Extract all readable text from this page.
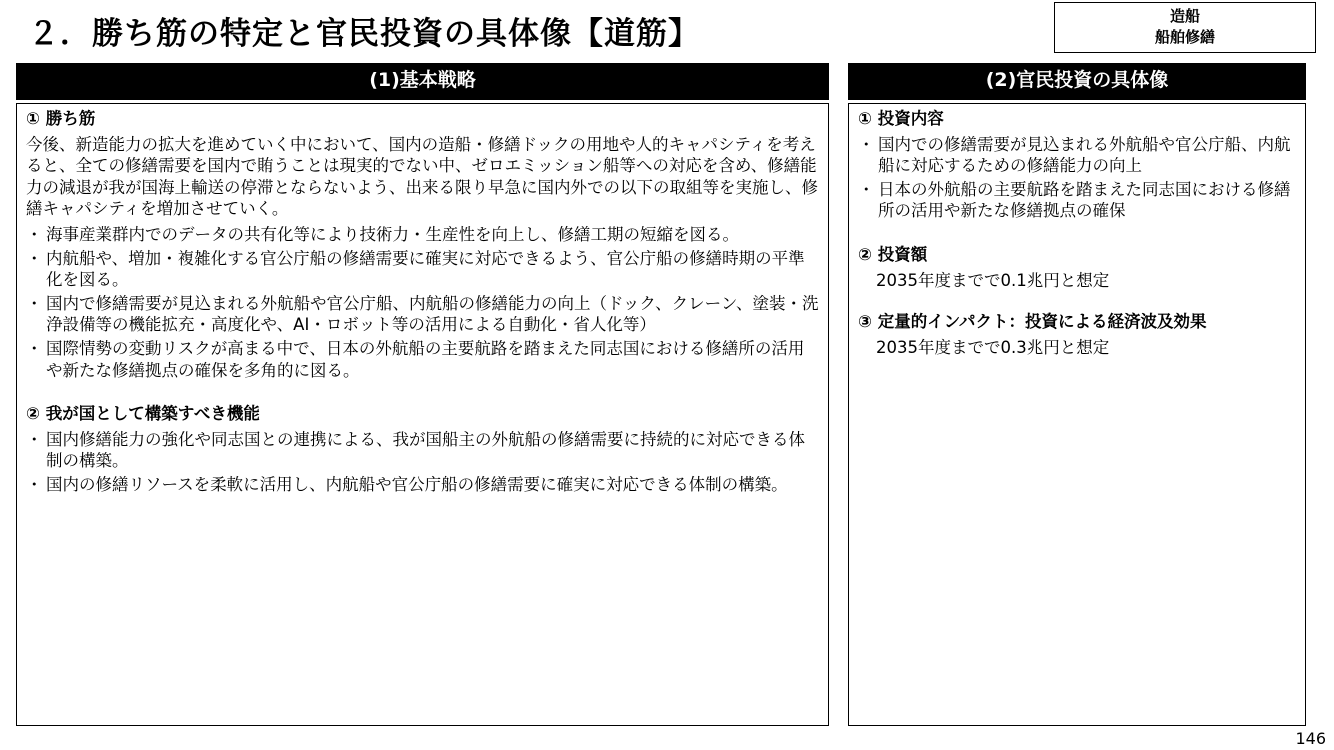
２．勝ち筋の特定と官民投資の具体像【道筋】	造船
船舶修繕
(1)基本戦略
① 勝ち筋

今後、新造能力の拡大を進めていく中において、国内の造船・修繕ドックの用地や人的キャパシティを考えると、全ての修繕需要を国内で賄うことは現実的でない中、ゼロエミッション船等への対応を含め、修繕能力の減退が我が国海上輸送の停滞とならないよう、出来る限り早急に国内外での以下の取組等を実施し、修繕キャパシティを増加させていく。

・ 海事産業群内でのデータの共有化等により技術力・生産性を向上し、修繕工期の短縮を図る。
・ 内航船や、増加・複雑化する官公庁船の修繕需要に確実に対応できるよう、官公庁船の修繕時期の平準化を図る。
・ 国内で修繕需要が見込まれる外航船や官公庁船、内航船の修繕能力の向上（ドック、クレーン、塗装・洗浄設備等の機能拡充・高度化や、AI・ロボット等の活用による自動化・省人化等）
・ 国際情勢の変動リスクが高まる中で、日本の外航船の主要航路を踏まえた同志国における修繕所の活用や新たな修繕拠点の確保を多角的に図る。
② 我が国として構築すべき機能
・ 国内修繕能力の強化や同志国との連携による、我が国船主の外航船の修繕需要に持続的に対応できる体制の構築。
・ 国内の修繕リソースを柔軟に活用し、内航船や官公庁船の修繕需要に確実に対応できる体制の構築。
(2)官民投資の具体像
① 投資内容
・ 国内での修繕需要が見込まれる外航船や官公庁船、内航船に対応するための修繕能力の向上
・ 日本の外航船の主要航路を踏まえた同志国における修繕所の活用や新たな修繕拠点の確保
② 投資額
2035年度までで0.1兆円と想定
③ 定量的インパクト：投資による経済波及効果
2035年度までで0.3兆円と想定
146
